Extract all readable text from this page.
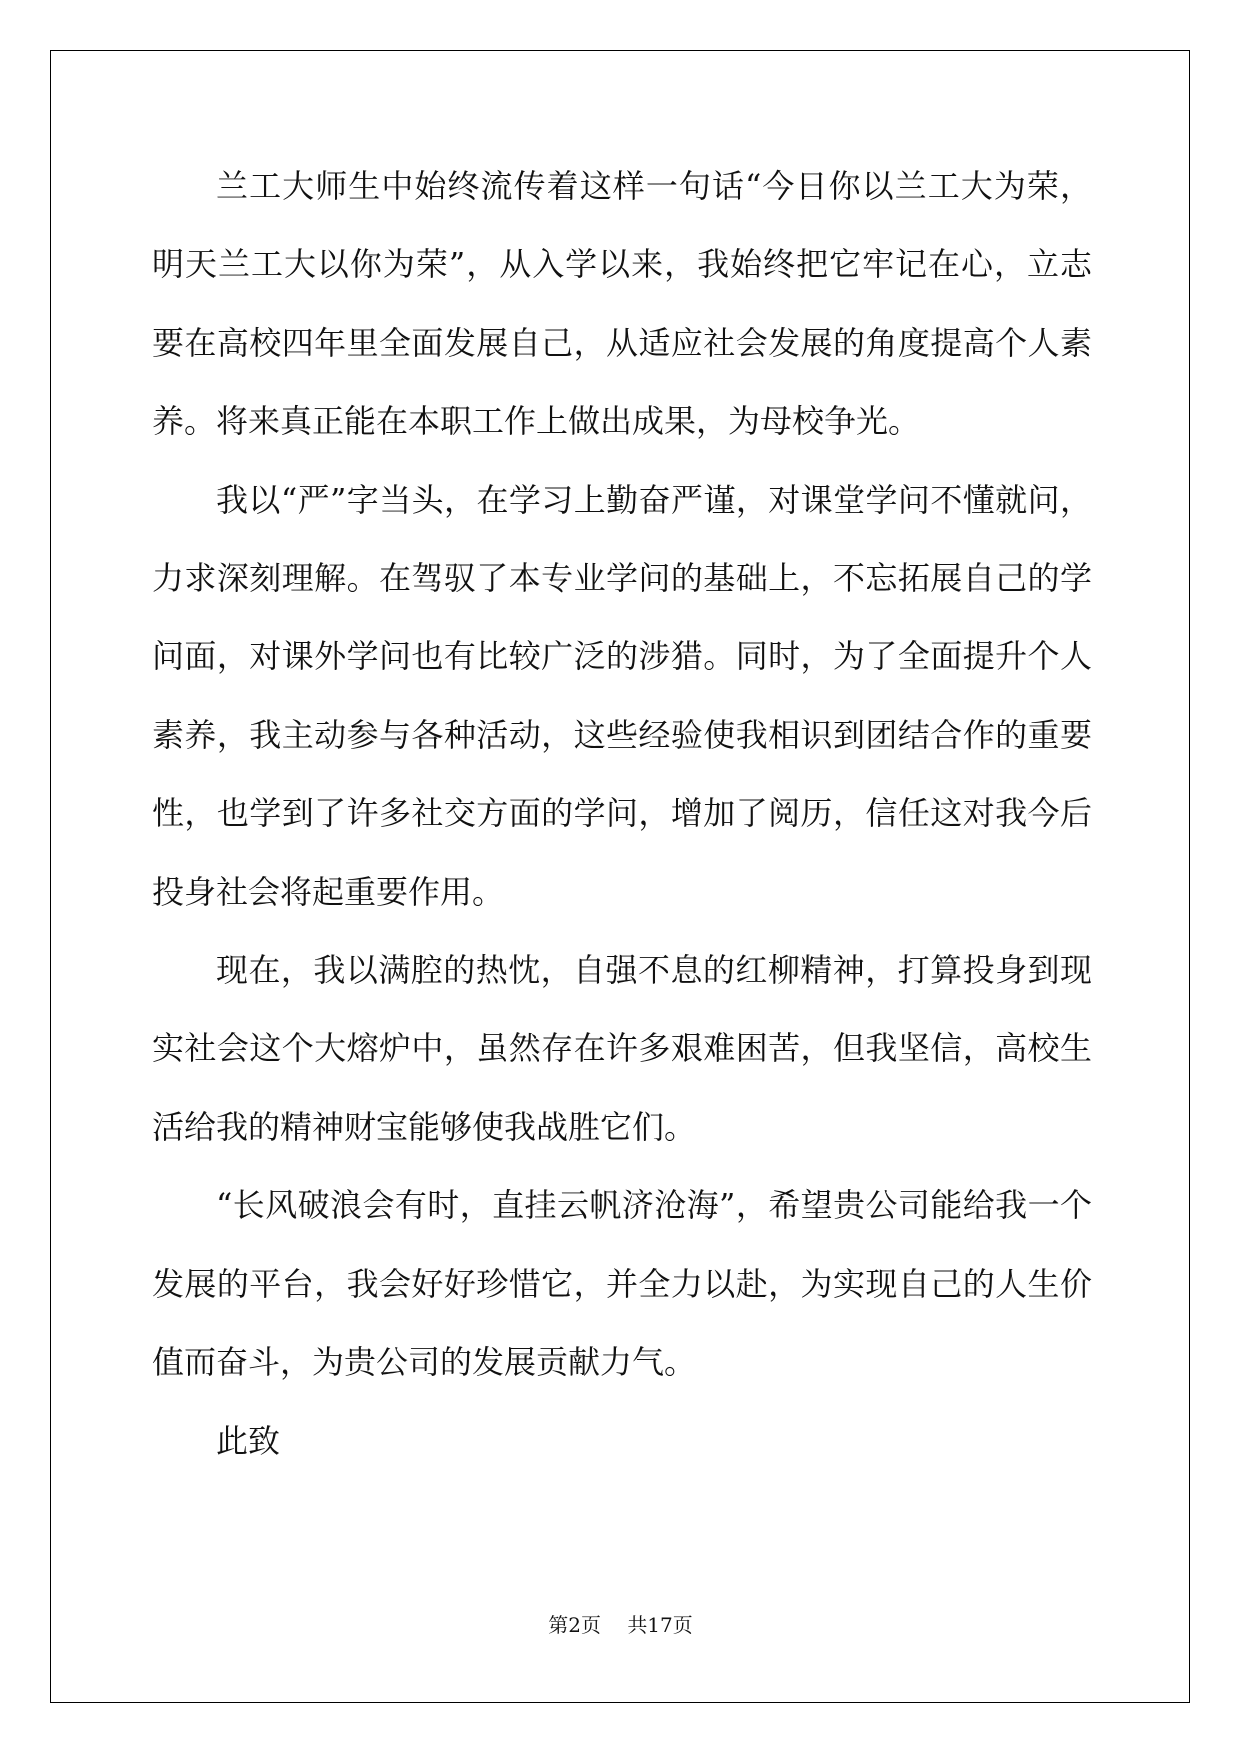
兰工大师生中始终流传着这样一句话“今日你以兰工大为荣，明天兰工大以你为荣”，从入学以来，我始终把它牢记在心，立志要在高校四年里全面发展自己，从适应社会发展的角度提高个人素养。将来真正能在本职工作上做出成果，为母校争光。

我以“严”字当头，在学习上勤奋严谨，对课堂学问不懂就问，力求深刻理解。在驾驭了本专业学问的基础上，不忘拓展自己的学问面，对课外学问也有比较广泛的涉猎。同时，为了全面提升个人素养，我主动参与各种活动，这些经验使我相识到团结合作的重要性，也学到了许多社交方面的学问，增加了阅历，信任这对我今后投身社会将起重要作用。

现在，我以满腔的热忱，自强不息的红柳精神，打算投身到现实社会这个大熔炉中，虽然存在许多艰难困苦，但我坚信，高校生活给我的精神财宝能够使我战胜它们。

“长风破浪会有时，直挂云帆济沧海”，希望贵公司能给我一个发展的平台，我会好好珍惜它，并全力以赴，为实现自己的人生价值而奋斗，为贵公司的发展贡献力气。

此致

第2页 共17页
